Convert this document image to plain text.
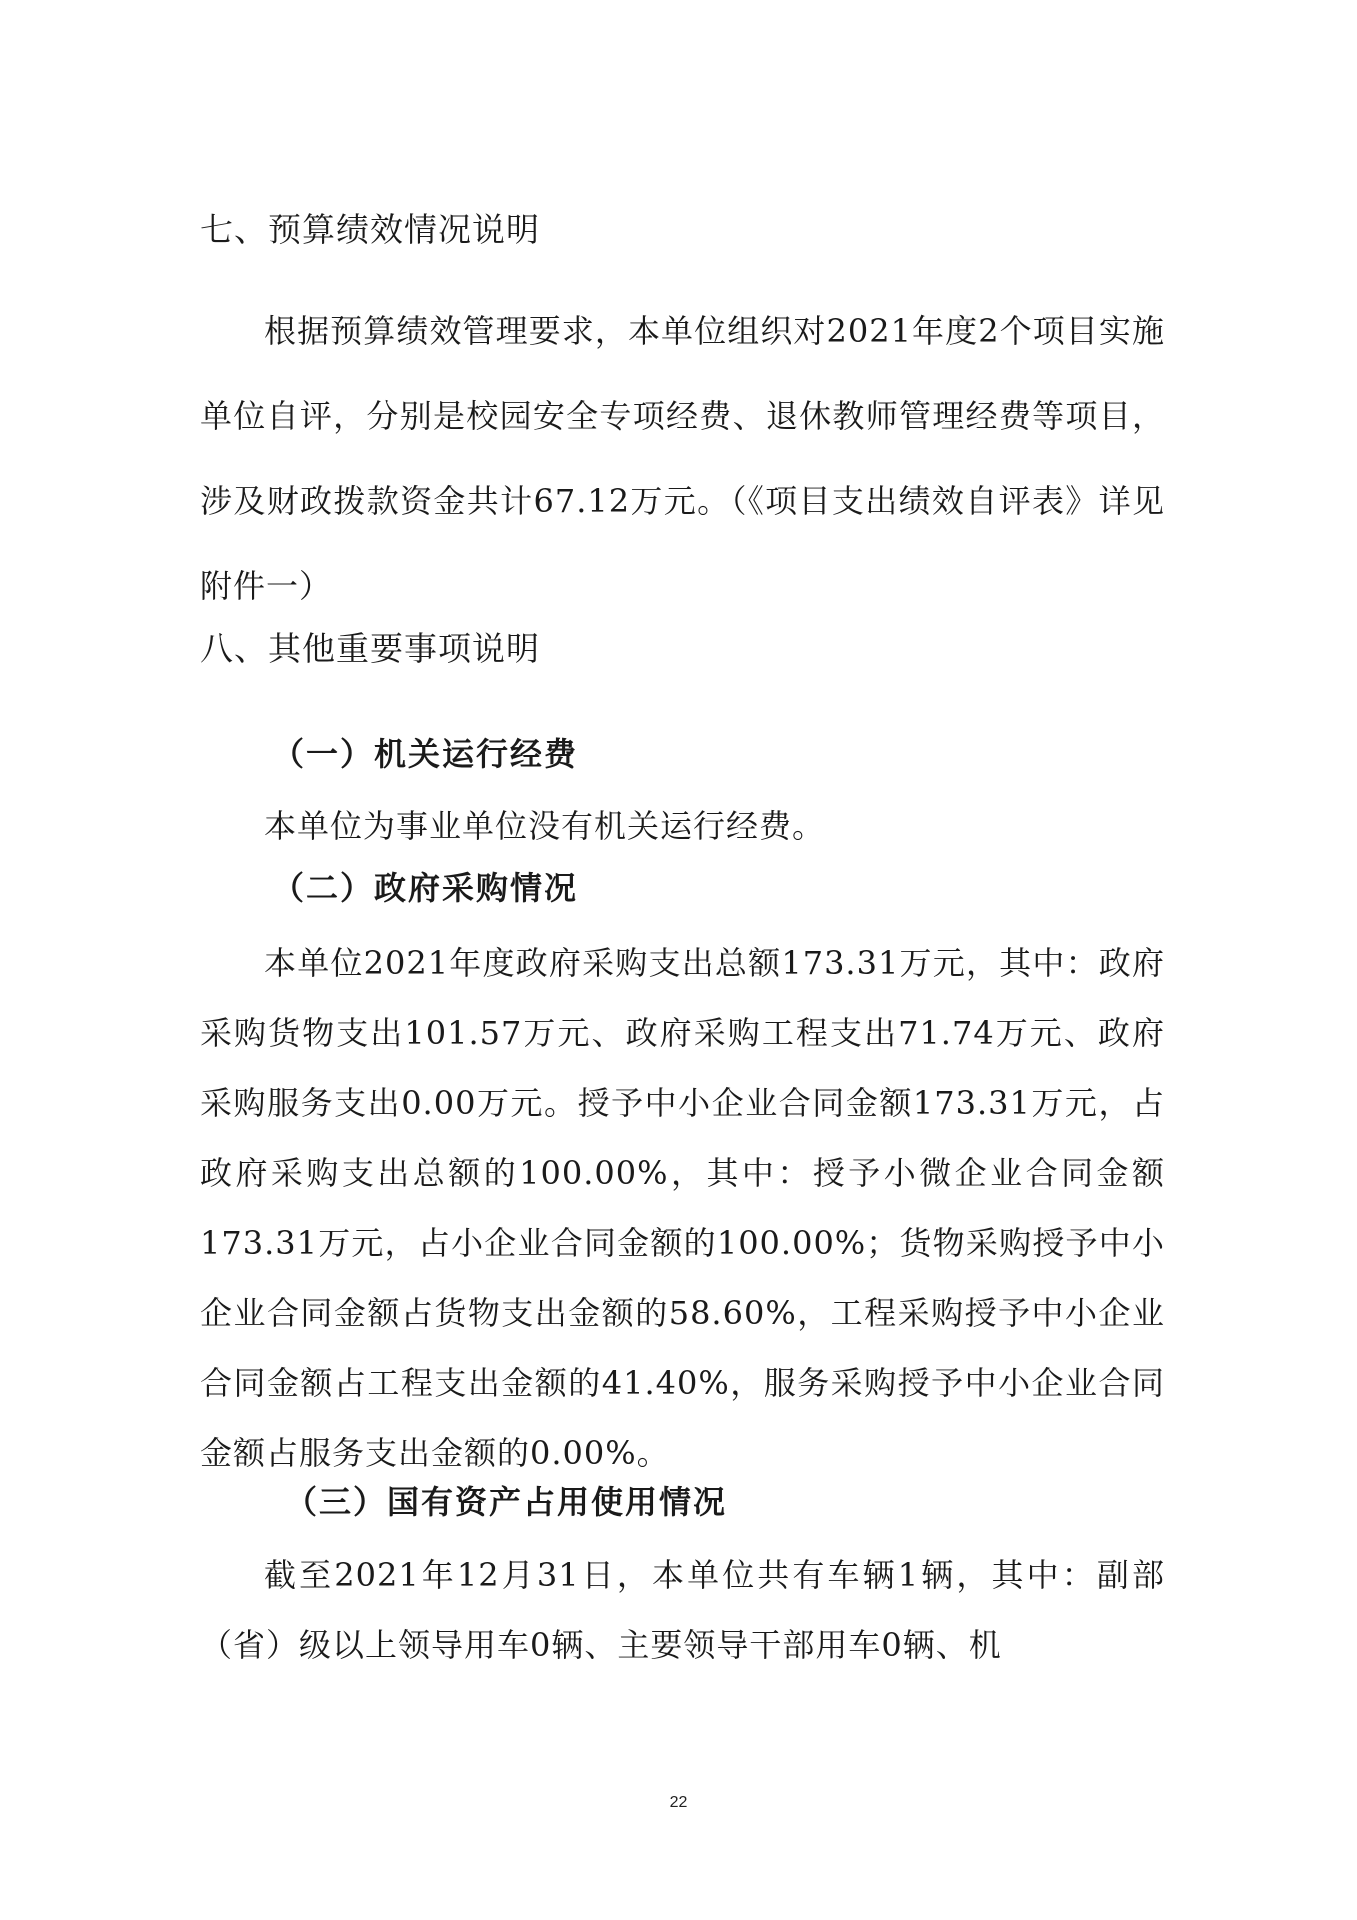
七、预算绩效情况说明

根据预算绩效管理要求，本单位组织对2021年度2个项目实施单位自评，分别是校园安全专项经费、退休教师管理经费等项目，涉及财政拨款资金共计67.12万元。（《项目支出绩效自评表》详见附件一）

八、其他重要事项说明
（一）机关运行经费

本单位为事业单位没有机关运行经费。

（二）政府采购情况

本单位2021年度政府采购支出总额173.31万元，其中：政府采购货物支出101.57万元、政府采购工程支出71.74万元、政府采购服务支出0.00万元。授予中小企业合同金额173.31万元，占政府采购支出总额的100.00%，其中：授予小微企业合同金额173.31万元，占小企业合同金额的100.00%；货物采购授予中小企业合同金额占货物支出金额的58.60%，工程采购授予中小企业合同金额占工程支出金额的41.40%，服务采购授予中小企业合同金额占服务支出金额的0.00%。

（三）国有资产占用使用情况

截至2021年12月31日，本单位共有车辆1辆，其中：副部（省）级以上领导用车0辆、主要领导干部用车0辆、机

22
